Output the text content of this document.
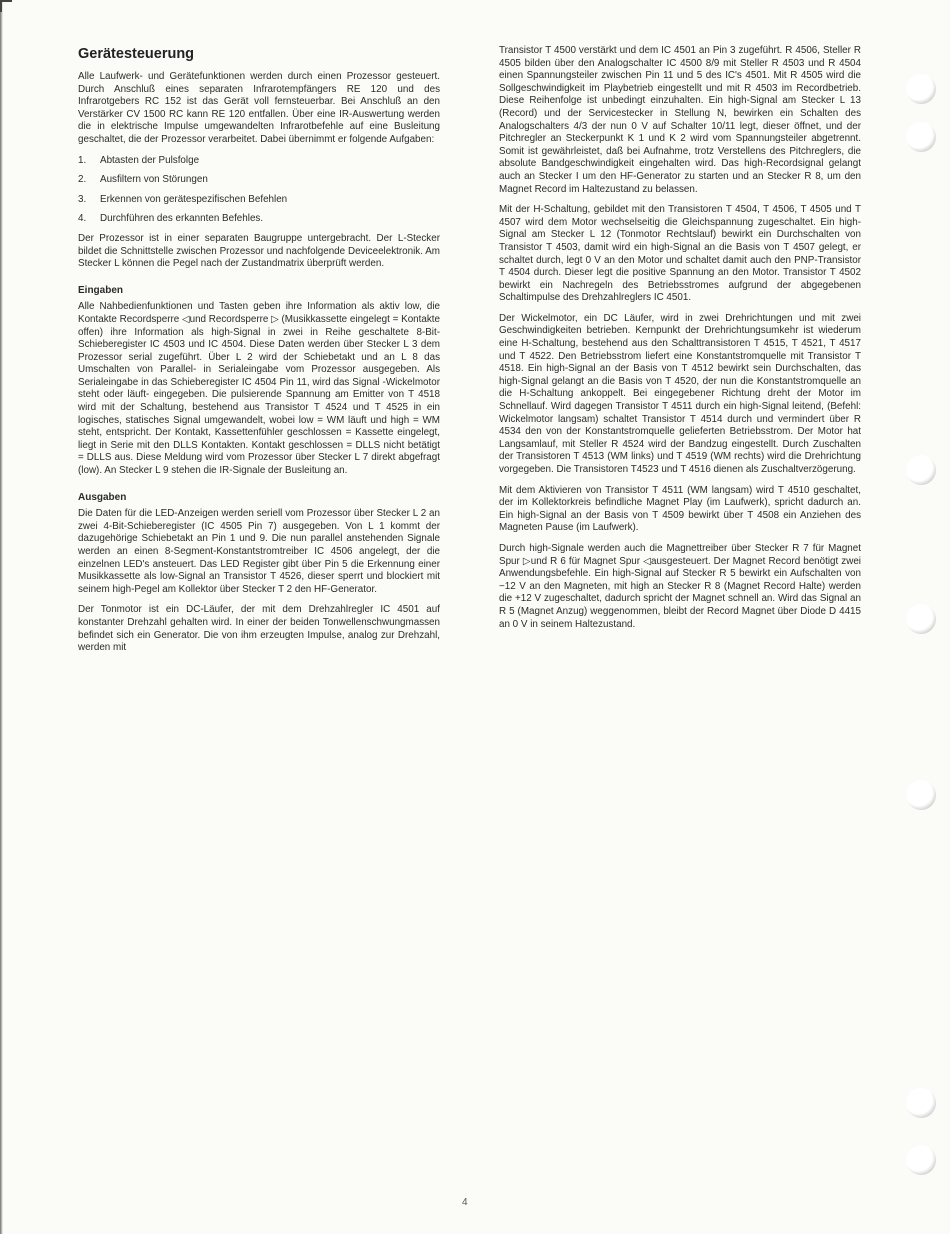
Gerätesteuerung

Alle Laufwerk- und Gerätefunktionen werden durch einen Prozessor gesteuert. Durch Anschluß eines separaten Infrarotempfängers RE 120 und des Infrarotgebers RC 152 ist das Gerät voll fernsteuerbar. Bei Anschluß an den Verstärker CV 1500 RC kann RE 120 entfallen. Über eine IR-Auswertung werden die in elektrische Impulse umgewandelten Infrarotbefehle auf eine Busleitung geschaltet, die der Prozessor verarbeitet. Dabei übernimmt er folgende Aufgaben:

1. Abtasten der Pulsfolge
2. Ausfiltern von Störungen
3. Erkennen von gerätespezifischen Befehlen
4. Durchführen des erkannten Befehles.

Der Prozessor ist in einer separaten Baugruppe untergebracht. Der L-Stecker bildet die Schnittstelle zwischen Prozessor und nachfolgende Deviceelektronik. Am Stecker L können die Pegel nach der Zustandmatrix überprüft werden.

Eingaben

Alle Nahbedienfunktionen und Tasten geben ihre Information als aktiv low, die Kontakte Recordsperre ◁und Recordsperre ▷ (Musikkassette eingelegt = Kontakte offen) ihre Information als high-Signal in zwei in Reihe geschaltete 8-Bit-Schieberegister IC 4503 und IC 4504. Diese Daten werden über Stecker L 3 dem Prozessor serial zugeführt. Über L 2 wird der Schiebetakt und an L 8 das Umschalten von Parallel- in Serialeingabe vom Prozessor ausgegeben. Als Serialeingabe in das Schieberegister IC 4504 Pin 11, wird das Signal -Wickelmotor steht oder läuft- eingegeben. Die pulsierende Spannung am Emitter von T 4518 wird mit der Schaltung, bestehend aus Transistor T 4524 und T 4525 in ein logisches, statisches Signal umgewandelt, wobei low = WM läuft und high = WM steht, entspricht. Der Kontakt, Kassettenfühler geschlossen = Kassette eingelegt, liegt in Serie mit den DLLS Kontakten. Kontakt geschlossen = DLLS nicht betätigt = DLLS aus. Diese Meldung wird vom Prozessor über Stecker L 7 direkt abgefragt (low). An Stecker L 9 stehen die IR-Signale der Busleitung an.

Ausgaben

Die Daten für die LED-Anzeigen werden seriell vom Prozessor über Stecker L 2 an zwei 4-Bit-Schieberegister (IC 4505 Pin 7) ausgegeben. Von L 1 kommt der dazugehörige Schiebetakt an Pin 1 und 9. Die nun parallel anstehenden Signale werden an einen 8-Segment-Konstantstromtreiber IC 4506 angelegt, der die einzelnen LED's ansteuert. Das LED Register gibt über Pin 5 die Erkennung einer Musikkassette als low-Signal an Transistor T 4526, dieser sperrt und blockiert mit seinem high-Pegel am Kollektor über Stecker T 2 den HF-Generator.

Der Tonmotor ist ein DC-Läufer, der mit dem Drehzahlregler IC 4501 auf konstanter Drehzahl gehalten wird. In einer der beiden Tonwellenschwungmassen befindet sich ein Generator. Die von ihm erzeugten Impulse, analog zur Drehzahl, werden mit

Transistor T 4500 verstärkt und dem IC 4501 an Pin 3 zugeführt. R 4506, Steller R 4505 bilden über den Analogschalter IC 4500 8/9 mit Steller R 4503 und R 4504 einen Spannungsteiler zwischen Pin 11 und 5 des IC's 4501. Mit R 4505 wird die Sollgeschwindigkeit im Playbetrieb eingestellt und mit R 4503 im Recordbetrieb. Diese Reihenfolge ist unbedingt einzuhalten. Ein high-Signal am Stecker L 13 (Record) und der Servicestecker in Stellung N, bewirken ein Schalten des Analogschalters 4/3 der nun 0 V auf Schalter 10/11 legt, dieser öffnet, und der Pitchregler an Steckerpunkt K 1 und K 2 wird vom Spannungsteiler abgetrennt. Somit ist gewährleistet, daß bei Aufnahme, trotz Verstellens des Pitchreglers, die absolute Bandgeschwindigkeit eingehalten wird. Das high-Recordsignal gelangt auch an Stecker I um den HF-Generator zu starten und an Stecker R 8, um den Magnet Record im Haltezustand zu belassen.

Mit der H-Schaltung, gebildet mit den Transistoren T 4504, T 4506, T 4505 und T 4507 wird dem Motor wechselseitig die Gleichspannung zugeschaltet. Ein high-Signal am Stecker L 12 (Tonmotor Rechtslauf) bewirkt ein Durchschalten von Transistor T 4503, damit wird ein high-Signal an die Basis von T 4507 gelegt, er schaltet durch, legt 0 V an den Motor und schaltet damit auch den PNP-Transistor T 4504 durch. Dieser legt die positive Spannung an den Motor. Transistor T 4502 bewirkt ein Nachregeln des Betriebsstromes aufgrund der abgegebenen Schaltimpulse des Drehzahlreglers IC 4501.

Der Wickelmotor, ein DC Läufer, wird in zwei Drehrichtungen und mit zwei Geschwindigkeiten betrieben. Kernpunkt der Drehrichtungsumkehr ist wiederum eine H-Schaltung, bestehend aus den Schalttransistoren T 4515, T 4521, T 4517 und T 4522. Den Betriebsstrom liefert eine Konstantstromquelle mit Transistor T 4518. Ein high-Signal an der Basis von T 4512 bewirkt sein Durchschalten, das high-Signal gelangt an die Basis von T 4520, der nun die Konstantstromquelle an die H-Schaltung ankoppelt. Bei eingegebener Richtung dreht der Motor im Schnellauf. Wird dagegen Transistor T 4511 durch ein high-Signal leitend, (Befehl: Wickelmotor langsam) schaltet Transistor T 4514 durch und vermindert über R 4534 den von der Konstantstromquelle gelieferten Betriebsstrom. Der Motor hat Langsamlauf, mit Steller R 4524 wird der Bandzug eingestellt. Durch Zuschalten der Transistoren T 4513 (WM links) und T 4519 (WM rechts) wird die Drehrichtung vorgegeben. Die Transistoren T4523 und T 4516 dienen als Zuschaltverzögerung.

Mit dem Aktivieren von Transistor T 4511 (WM langsam) wird T 4510 geschaltet, der im Kollektorkreis befindliche Magnet Play (im Laufwerk), spricht dadurch an. Ein high-Signal an der Basis von T 4509 bewirkt über T 4508 ein Anziehen des Magneten Pause (im Laufwerk).

Durch high-Signale werden auch die Magnettreiber über Stecker R 7 für Magnet Spur ▷und R 6 für Magnet Spur ◁ausgesteuert. Der Magnet Record benötigt zwei Anwendungsbefehle. Ein high-Signal auf Stecker R 5 bewirkt ein Aufschalten von −12 V an den Magneten, mit high an Stecker R 8 (Magnet Record Halte) werden die +12 V zugeschaltet, dadurch spricht der Magnet schnell an. Wird das Signal an R 5 (Magnet Anzug) weggenommen, bleibt der Record Magnet über Diode D 4415 an 0 V in seinem Haltezustand.

4
